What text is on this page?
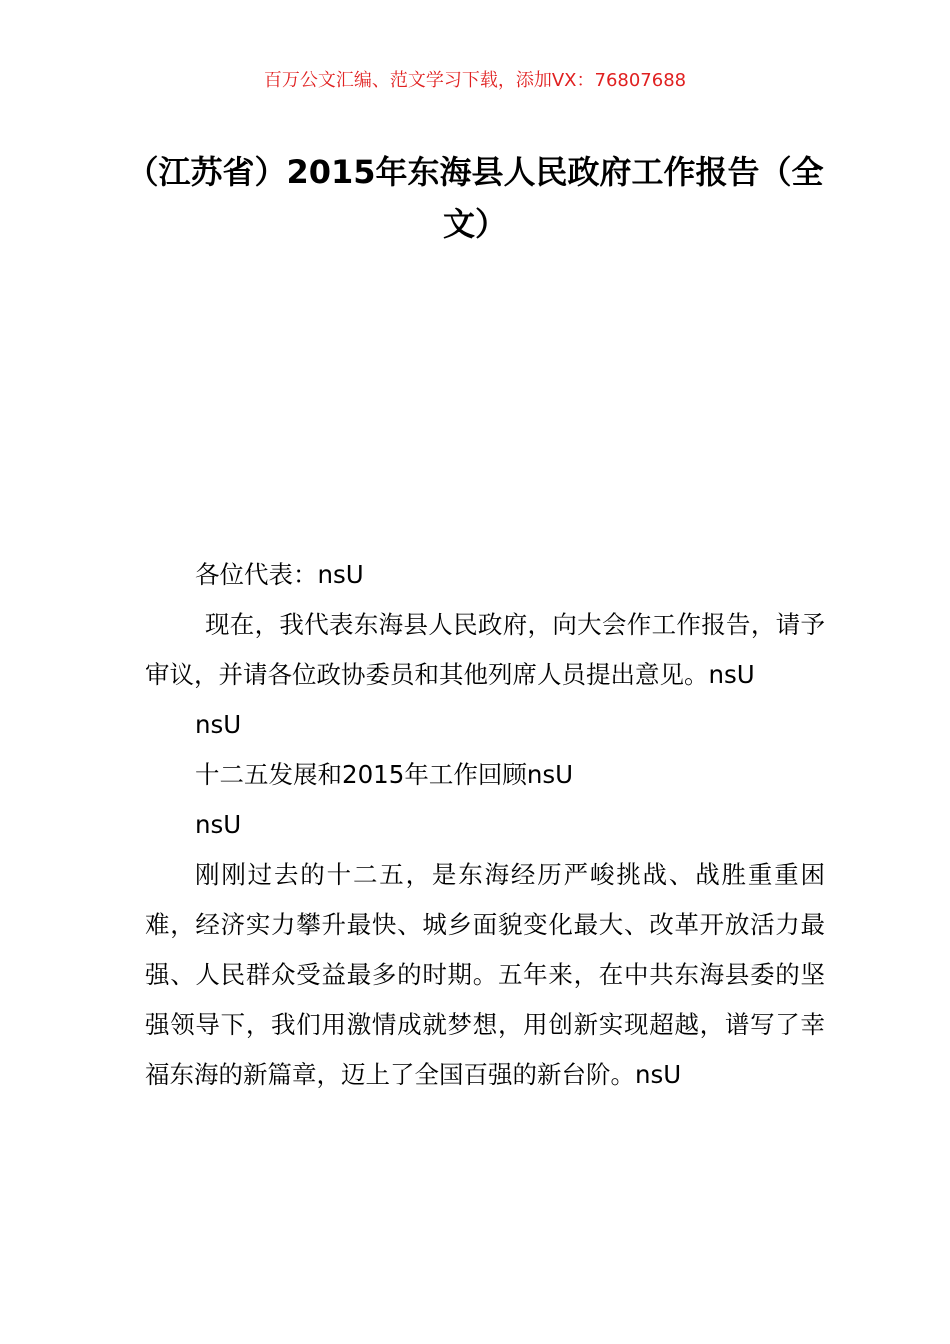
百万公文汇编、范文学习下载，添加VX：76807688
（江苏省）2015年东海县人民政府工作报告（全文）

各位代表：nsU

现在，我代表东海县人民政府，向大会作工作报告，请予审议，并请各位政协委员和其他列席人员提出意见。nsU

nsU

十二五发展和2015年工作回顾nsU

nsU

刚刚过去的十二五，是东海经历严峻挑战、战胜重重困难，经济实力攀升最快、城乡面貌变化最大、改革开放活力最强、人民群众受益最多的时期。五年来，在中共东海县委的坚强领导下，我们用激情成就梦想，用创新实现超越，谱写了幸福东海的新篇章，迈上了全国百强的新台阶。nsU
